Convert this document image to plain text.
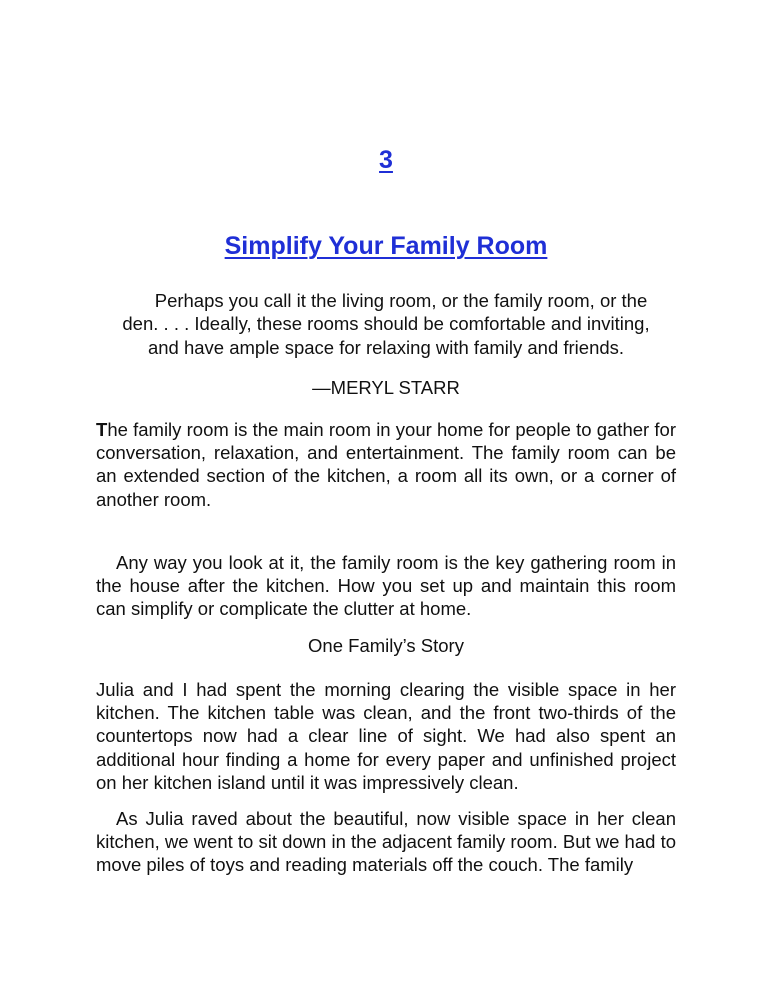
3
Simplify Your Family Room

Perhaps you call it the living room, or the family room, or the
den. . . . Ideally, these rooms should be comfortable and inviting,
and have ample space for relaxing with family and friends.

—MERYL STARR

The family room is the main room in your home for people to gather for conversation, relaxation, and entertainment. The family room can be an extended section of the kitchen, a room all its own, or a corner of another room.

Any way you look at it, the family room is the key gathering room in the house after the kitchen. How you set up and maintain this room can simplify or complicate the clutter at home.

One Family’s Story

Julia and I had spent the morning clearing the visible space in her kitchen. The kitchen table was clean, and the front two-thirds of the countertops now had a clear line of sight. We had also spent an additional hour finding a home for every paper and unfinished project on her kitchen island until it was impressively clean.

As Julia raved about the beautiful, now visible space in her clean kitchen, we went to sit down in the adjacent family room. But we had to move piles of toys and reading materials off the couch. The family
